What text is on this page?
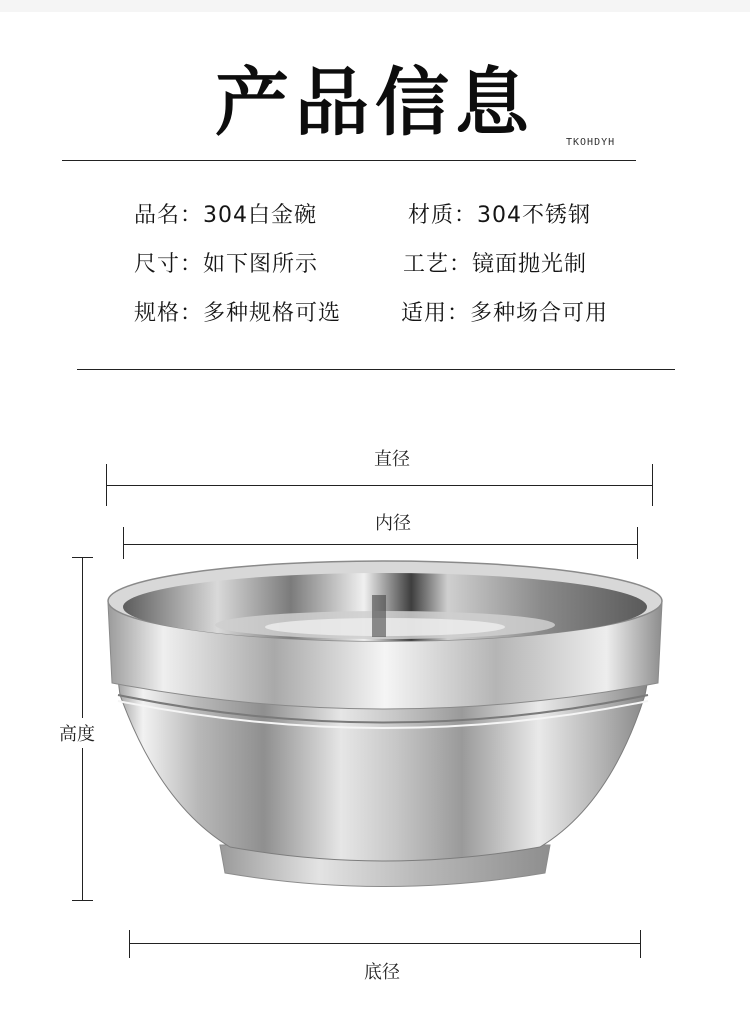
产品信息	TKOHDYH
品名：304白金碗	材质：304不锈钢
尺寸：如下图所示	工艺：镜面抛光制
规格：多种规格可选	适用：多种场合可用
直径
内径
高度
底径
